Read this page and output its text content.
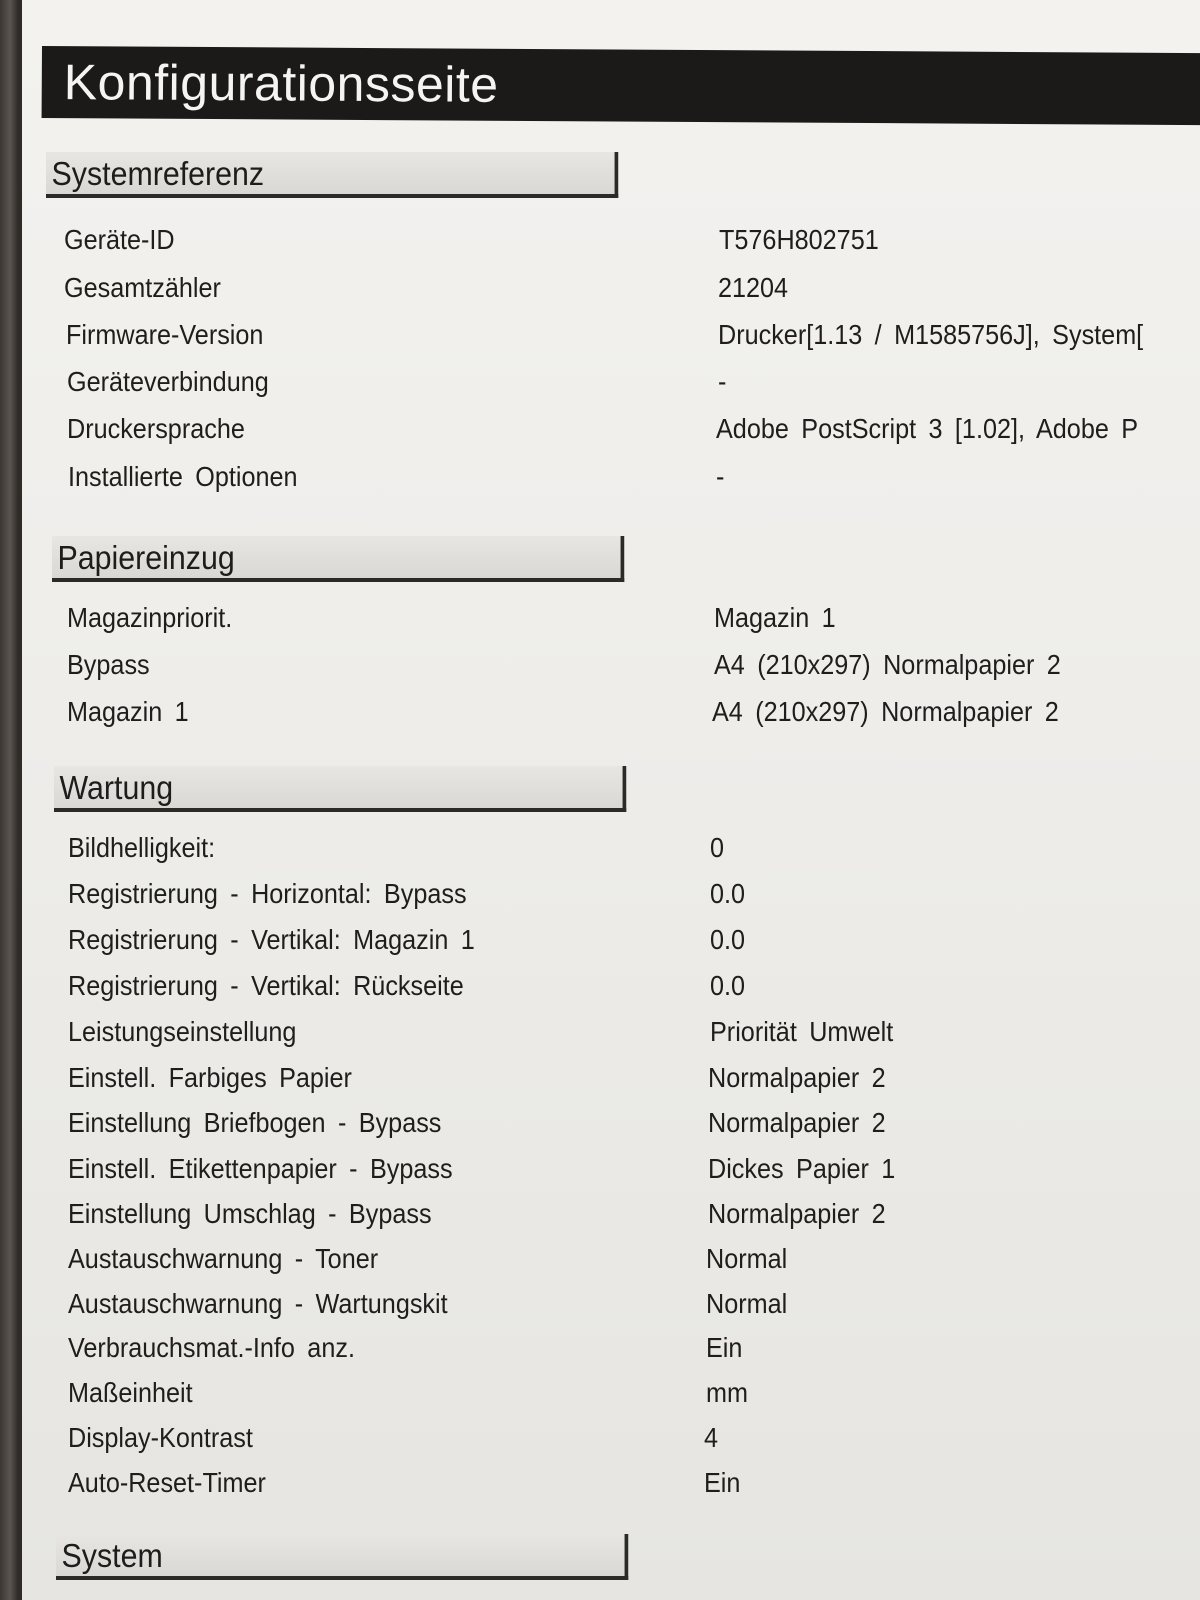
Konfigurationsseite
Systemreferenz
Geräte-ID	T576H802751
Gesamtzähler	21204
Firmware-Version	Drucker[1.13 / M1585756J], System[
Geräteverbindung	-
Druckersprache	Adobe PostScript 3 [1.02], Adobe P
Installierte Optionen	-
Papiereinzug
Magazinpriorit.	Magazin 1
Bypass	A4 (210x297) Normalpapier 2
Magazin 1	A4 (210x297) Normalpapier 2
Wartung
Bildhelligkeit:	0
Registrierung - Horizontal: Bypass	0.0
Registrierung - Vertikal: Magazin 1	0.0
Registrierung - Vertikal: Rückseite	0.0
Leistungseinstellung	Priorität Umwelt
Einstell. Farbiges Papier	Normalpapier 2
Einstellung Briefbogen - Bypass	Normalpapier 2
Einstell. Etikettenpapier - Bypass	Dickes Papier 1
Einstellung Umschlag - Bypass	Normalpapier 2
Austauschwarnung - Toner	Normal
Austauschwarnung - Wartungskit	Normal
Verbrauchsmat.-Info anz.	Ein
Maßeinheit	mm
Display-Kontrast	4
Auto-Reset-Timer	Ein
System
